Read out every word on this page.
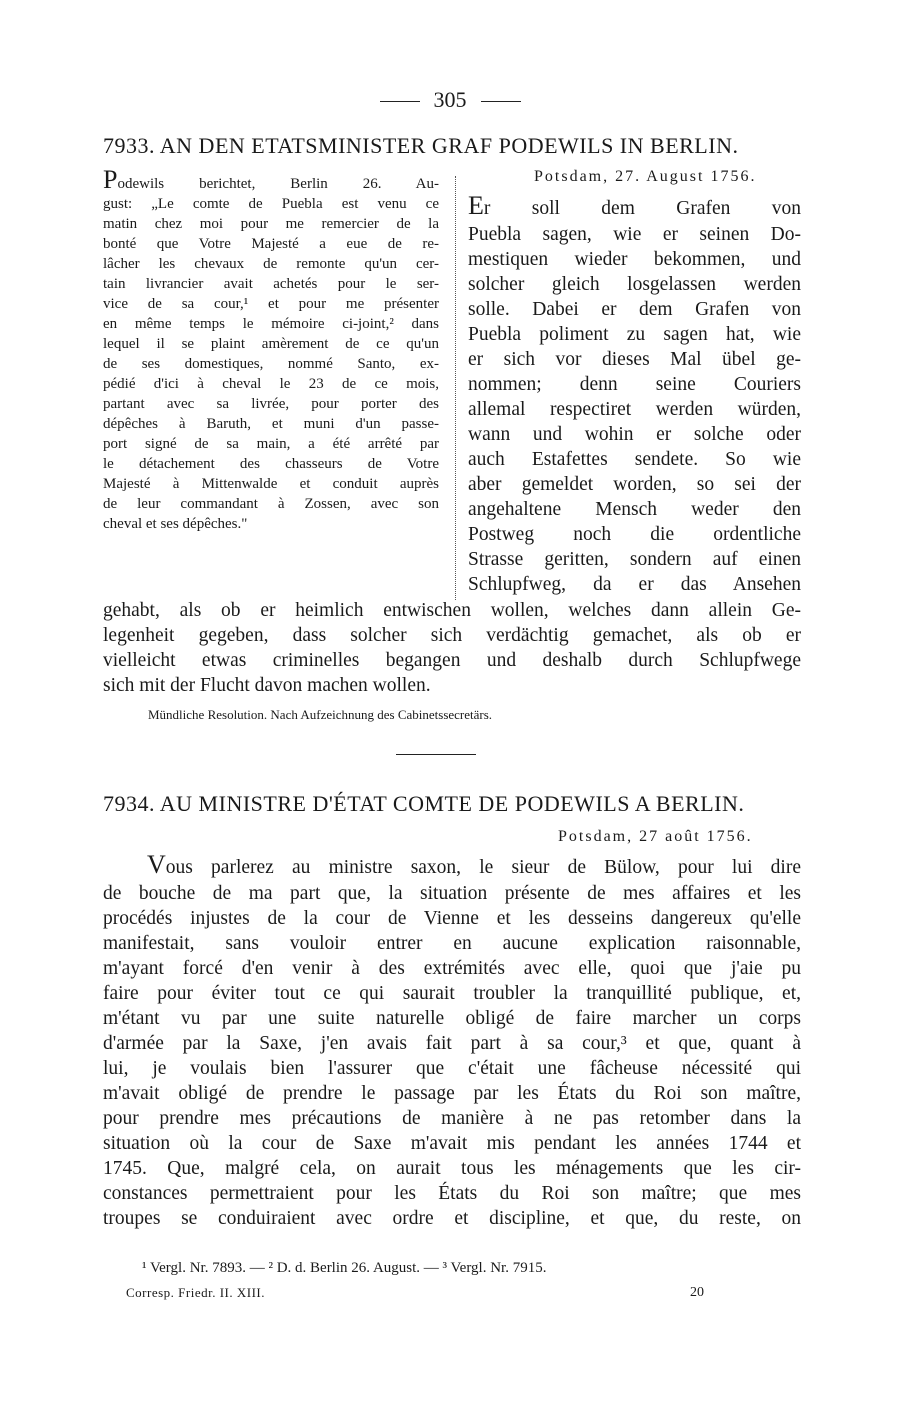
305
7933. AN DEN ETATSMINISTER GRAF PODEWILS IN BERLIN.
Podewils berichtet, Berlin 26. Au-
gust: „Le comte de Puebla est venu ce
matin chez moi pour me remercier de la
bonté que Votre Majesté a eue de re-
lâcher les chevaux de remonte qu'un cer-
tain livrancier avait achetés pour le ser-
vice de sa cour,¹ et pour me présenter
en même temps le mémoire ci-joint,² dans
lequel il se plaint amèrement de ce qu'un
de ses domestiques, nommé Santo, ex-
pédié d'ici à cheval le 23 de ce mois,
partant avec sa livrée, pour porter des
dépêches à Baruth, et muni d'un passe-
port signé de sa main, a été arrêté par
le détachement des chasseurs de Votre
Majesté à Mittenwalde et conduit auprès
de leur commandant à Zossen, avec son
cheval et ses dépêches."
Potsdam, 27. August 1756.
Er soll dem Grafen von
Puebla sagen, wie er seinen Do-
mestiquen wieder bekommen, und
solcher gleich losgelassen werden
solle. Dabei er dem Grafen von
Puebla poliment zu sagen hat, wie
er sich vor dieses Mal übel ge-
nommen; denn seine Couriers
allemal respectiret werden würden,
wann und wohin er solche oder
auch Estafettes sendete. So wie
aber gemeldet worden, so sei der
angehaltene Mensch weder den
Postweg noch die ordentliche
Strasse geritten, sondern auf einen
Schlupfweg, da er das Ansehen
gehabt, als ob er heimlich entwischen wollen, welches dann allein Ge-
legenheit gegeben, dass solcher sich verdächtig gemachet, als ob er
vielleicht etwas criminelles begangen und deshalb durch Schlupfwege
sich mit der Flucht davon machen wollen.
Mündliche Resolution. Nach Aufzeichnung des Cabinetssecretärs.
7934. AU MINISTRE D'ÉTAT COMTE DE PODEWILS A BERLIN.
Potsdam, 27 août 1756.
Vous parlerez au ministre saxon, le sieur de Bülow, pour lui dire
de bouche de ma part que, la situation présente de mes affaires et les
procédés injustes de la cour de Vienne et les desseins dangereux qu'elle
manifestait, sans vouloir entrer en aucune explication raisonnable,
m'ayant forcé d'en venir à des extrémités avec elle, quoi que j'aie pu
faire pour éviter tout ce qui saurait troubler la tranquillité publique, et,
m'étant vu par une suite naturelle obligé de faire marcher un corps
d'armée par la Saxe, j'en avais fait part à sa cour,³ et que, quant à
lui, je voulais bien l'assurer que c'était une fâcheuse nécessité qui
m'avait obligé de prendre le passage par les États du Roi son maître,
pour prendre mes précautions de manière à ne pas retomber dans la
situation où la cour de Saxe m'avait mis pendant les années 1744 et
1745. Que, malgré cela, on aurait tous les ménagements que les cir-
constances permettraient pour les États du Roi son maître; que mes
troupes se conduiraient avec ordre et discipline, et que, du reste, on
¹ Vergl. Nr. 7893. — ² D. d. Berlin 26. August. — ³ Vergl. Nr. 7915.
Corresp. Friedr. II. XIII.	20
